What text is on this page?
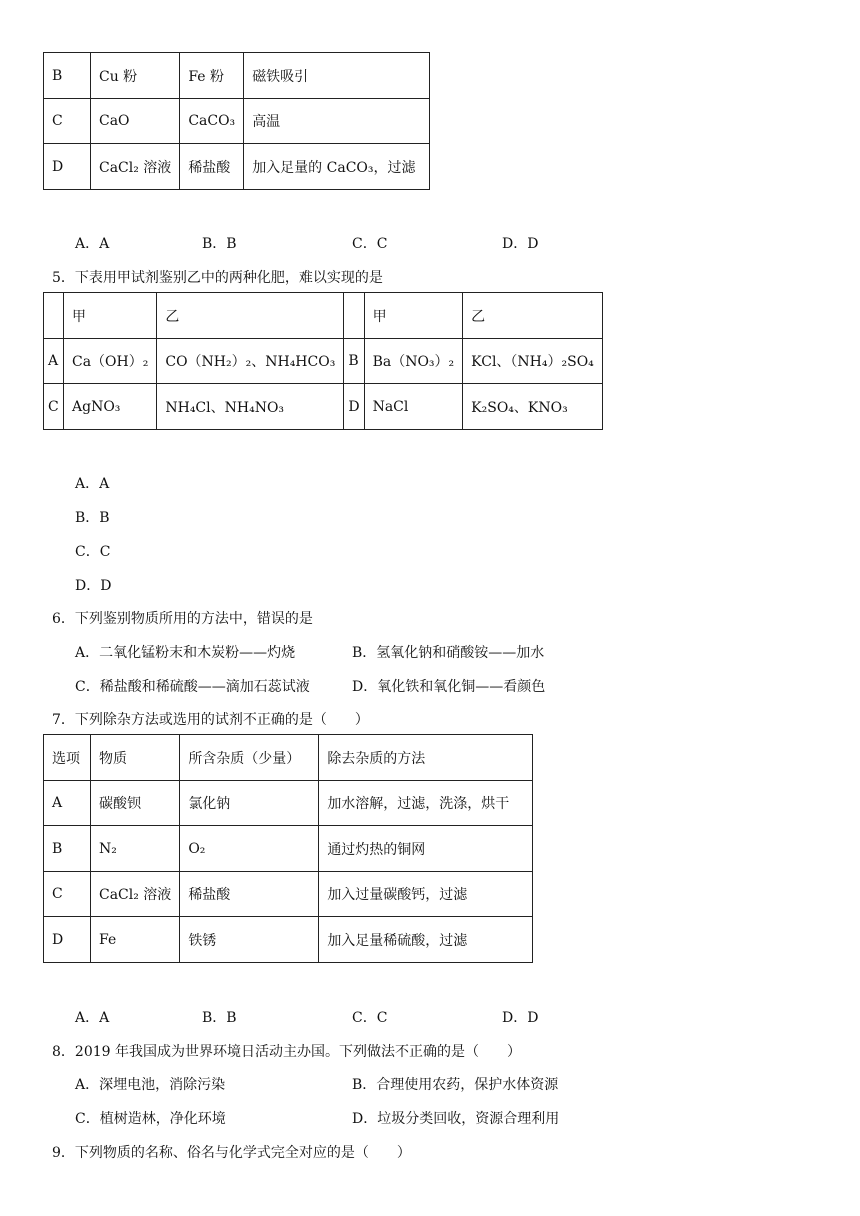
B	Cu 粉	Fe 粉	磁铁吸引
C	CaO	CaCO₃	高温
D	CaCl₂ 溶液	稀盐酸	加入足量的 CaCO₃，过滤
A．A	B．B	C．C	D．D
5．下表用甲试剂鉴别乙中的两种化肥，难以实现的是
	甲	乙		甲	乙
A	Ca（OH）₂	CO（NH₂）₂、NH₄HCO₃	B	Ba（NO₃）₂	KCl、（NH₄）₂SO₄
C	AgNO₃	NH₄Cl、NH₄NO₃	D	NaCl	K₂SO₄、KNO₃
A．A
B．B
C．C
D．D
6．下列鉴别物质所用的方法中，错误的是
A．二氧化锰粉末和木炭粉——灼烧	B．氢氧化钠和硝酸铵——加水
C．稀盐酸和稀硫酸——滴加石蕊试液	D．氧化铁和氧化铜——看颜色
7．下列除杂方法或选用的试剂不正确的是（　　）
选项	物质	所含杂质（少量）	除去杂质的方法
A	碳酸钡	氯化钠	加水溶解，过滤，洗涤，烘干
B	N₂	O₂	通过灼热的铜网
C	CaCl₂ 溶液	稀盐酸	加入过量碳酸钙，过滤
D	Fe	铁锈	加入足量稀硫酸，过滤
A．A	B．B	C．C	D．D
8．2019 年我国成为世界环境日活动主办国。下列做法不正确的是（　　）
A．深埋电池，消除污染	B．合理使用农药，保护水体资源
C．植树造林，净化环境	D．垃圾分类回收，资源合理利用
9．下列物质的名称、俗名与化学式完全对应的是（　　）
